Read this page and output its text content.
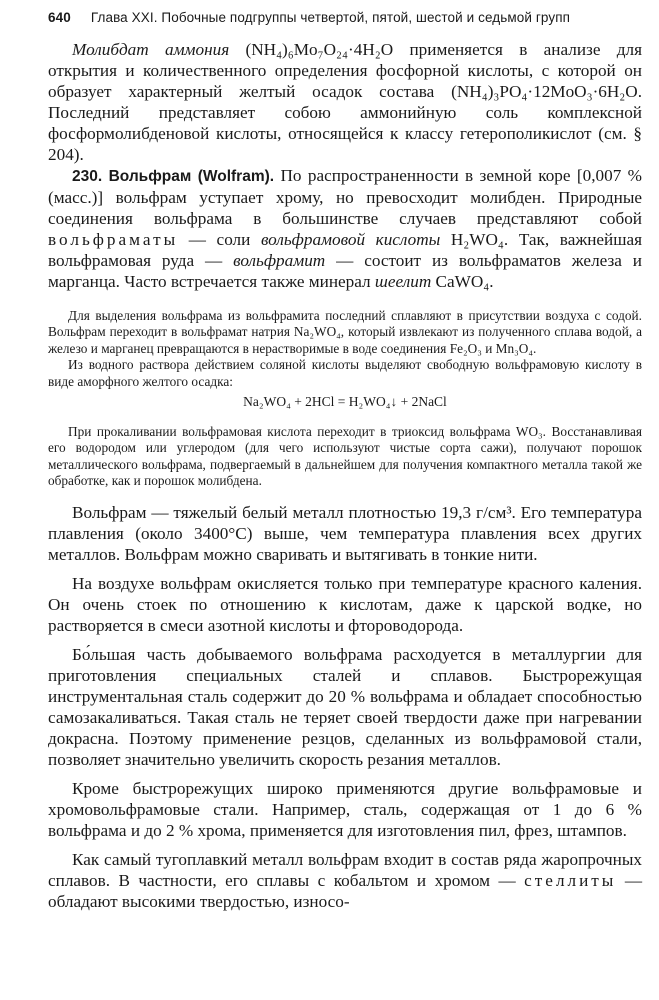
640 Глава XXI. Побочные подгруппы четвертой, пятой, шестой и седьмой групп

Молибдат аммония (NH₄)₆Mo₇O₂₄·4H₂O применяется в анализе для открытия и количественного определения фосфорной кислоты, с которой он образует характерный желтый осадок состава (NH₄)₃PO₄·12MoO₃·6H₂O. Последний представляет собою аммонийную соль комплексной фосформолибденовой кислоты, относящейся к классу гетерополикислот (см. § 204).

230. Вольфрам (Wolfram). По распространенности в земной коре [0,007 % (масс.)] вольфрам уступает хрому, но превосходит молибден. Природные соединения вольфрама в большинстве случаев представляют собой вольфраматы — соли вольфрамовой кислоты H₂WO₄. Так, важнейшая вольфрамовая руда — вольфрамит — состоит из вольфраматов железа и марганца. Часто встречается также минерал шеелит CaWO₄.

Для выделения вольфрама из вольфрамита последний сплавляют в присутствии воздуха с содой. Вольфрам переходит в вольфрамат натрия Na₂WO₄, который извлекают из полученного сплава водой, а железо и марганец превращаются в нерастворимые в воде соединения Fe₂O₃ и Mn₃O₄.

Из водного раствора действием соляной кислоты выделяют свободную вольфрамовую кислоту в виде аморфного желтого осадка:

Na₂WO₄ + 2HCl = H₂WO₄↓ + 2NaCl

При прокаливании вольфрамовая кислота переходит в триоксид вольфрама WO₃. Восстанавливая его водородом или углеродом (для чего используют чистые сорта сажи), получают порошок металлического вольфрама, подвергаемый в дальнейшем для получения компактного металла такой же обработке, как и порошок молибдена.

Вольфрам — тяжелый белый металл плотностью 19,3 г/см³. Его температура плавления (около 3400°C) выше, чем температура плавления всех других металлов. Вольфрам можно сваривать и вытягивать в тонкие нити.

На воздухе вольфрам окисляется только при температуре красного каления. Он очень стоек по отношению к кислотам, даже к царской водке, но растворяется в смеси азотной кислоты и фтороводорода.

Бо́льшая часть добываемого вольфрама расходуется в металлургии для приготовления специальных сталей и сплавов. Быстрорежущая инструментальная сталь содержит до 20 % вольфрама и обладает способностью самозакаливаться. Такая сталь не теряет своей твердости даже при нагревании докрасна. Поэтому применение резцов, сделанных из вольфрамовой стали, позволяет значительно увеличить скорость резания металлов.

Кроме быстрорежущих широко применяются другие вольфрамовые и хромовольфрамовые стали. Например, сталь, содержащая от 1 до 6 % вольфрама и до 2 % хрома, применяется для изготовления пил, фрез, штампов.

Как самый тугоплавкий металл вольфрам входит в состав ряда жаропрочных сплавов. В частности, его сплавы с кобальтом и хромом — стеллиты — обладают высокими твердостью, износо-
